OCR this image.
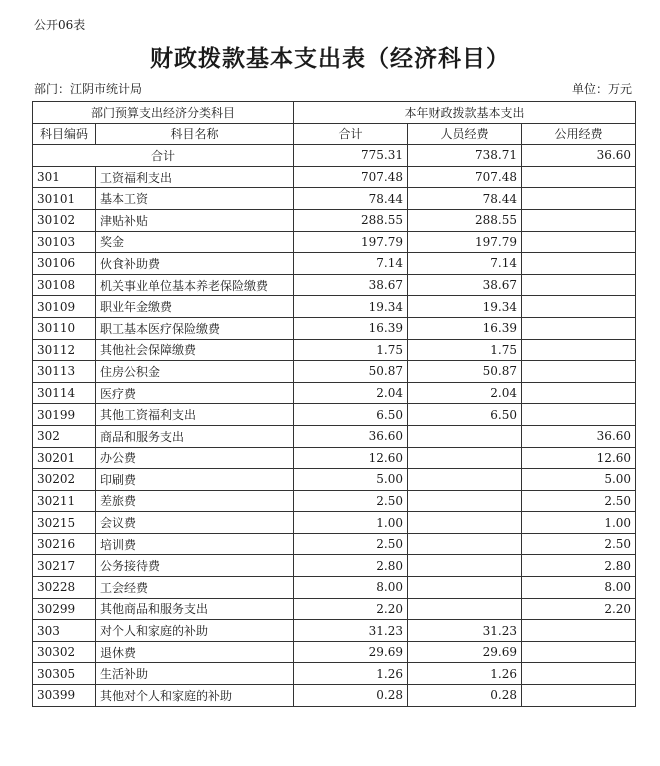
公开06表
财政拨款基本支出表（经济科目）
部门：江阴市统计局	单位：万元
部门预算支出经济分类科目		本年财政拨款基本支出		
科目编码	科目名称	合计	人员经费	公用经费
合计		775.31	738.71	36.60
301	工资福利支出	707.48	707.48	
30101	基本工资	78.44	78.44	
30102	津贴补贴	288.55	288.55	
30103	奖金	197.79	197.79	
30106	伙食补助费	7.14	7.14	
30108	机关事业单位基本养老保险缴费	38.67	38.67	
30109	职业年金缴费	19.34	19.34	
30110	职工基本医疗保险缴费	16.39	16.39	
30112	其他社会保障缴费	1.75	1.75	
30113	住房公积金	50.87	50.87	
30114	医疗费	2.04	2.04	
30199	其他工资福利支出	6.50	6.50	
302	商品和服务支出	36.60		36.60
30201	办公费	12.60		12.60
30202	印刷费	5.00		5.00
30211	差旅费	2.50		2.50
30215	会议费	1.00		1.00
30216	培训费	2.50		2.50
30217	公务接待费	2.80		2.80
30228	工会经费	8.00		8.00
30299	其他商品和服务支出	2.20		2.20
303	对个人和家庭的补助	31.23	31.23	
30302	退休费	29.69	29.69	
30305	生活补助	1.26	1.26	
30399	其他对个人和家庭的补助	0.28	0.28	
